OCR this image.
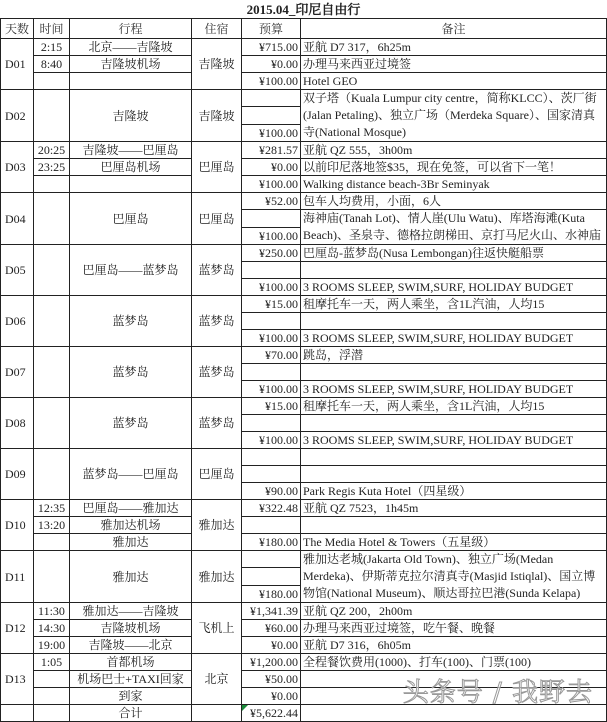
2015.04_印尼自由行
天数	时间	行程	住宿	预算	备注
D01	2:15	北京——吉隆坡	吉隆坡	¥715.00	亚航 D7 317，6h25m
	8:40	吉隆坡机场		¥0.00	办理马来西亚过境签
				¥100.00	Hotel GEO
D02		吉隆坡	吉隆坡		双子塔（Kuala Lumpur city centre，简称KLCC）、茨厂街(Jalan Petaling)、独立广场（Merdeka Square）、国家清真寺(National Mosque)

				¥100.00	
D03	20:25	吉隆坡——巴厘岛	巴厘岛	¥281.57	亚航 QZ 555，3h00m
	23:25	巴厘岛机场		¥0.00	以前印尼落地签$35，现在免签，可以省下一笔！
				¥100.00	Walking distance beach-3Br Seminyak
D04		巴厘岛	巴厘岛	¥52.00	包车人均费用，小面，6人
					海神庙(Tanah Lot)、情人崖(Ulu Watu)、库塔海滩(Kuta Beach)、圣泉寺、德格拉朗梯田、京打马尼火山、水神庙
				¥100.00	
D05		巴厘岛——蓝梦岛	蓝梦岛	¥250.00	巴厘岛-蓝梦岛(Nusa Lembongan)往返快艇船票

				¥100.00	3 ROOMS SLEEP, SWIM,SURF, HOLIDAY BUDGET
D06		蓝梦岛	蓝梦岛	¥15.00	租摩托车一天，两人乘坐，含1L汽油，人均15

				¥100.00	3 ROOMS SLEEP, SWIM,SURF, HOLIDAY BUDGET
D07		蓝梦岛	蓝梦岛	¥70.00	跳岛，浮潜

				¥100.00	3 ROOMS SLEEP, SWIM,SURF, HOLIDAY BUDGET
D08		蓝梦岛	蓝梦岛	¥15.00	租摩托车一天，两人乘坐，含1L汽油，人均15

				¥100.00	3 ROOMS SLEEP, SWIM,SURF, HOLIDAY BUDGET
D09		蓝梦岛——巴厘岛	巴厘岛		

				¥90.00	Park Regis Kuta Hotel（四星级）
D10	12:35	巴厘岛——雅加达	雅加达	¥322.48	亚航 QZ 7523，1h45m
	13:20	雅加达机场			
		雅加达		¥180.00	The Media Hotel & Towers（五星级）
D11		雅加达	雅加达		雅加达老城(Jakarta Old Town)、独立广场(Medan Merdeka)、伊斯蒂克拉尔清真寺(Masjid Istiqlal)、国立博物馆(National Museum)、顺达哥拉巴港(Sunda Kelapa)

				¥180.00	
D12	11:30	雅加达——吉隆坡	飞机上	¥1,341.39	亚航 QZ 200，2h00m
	14:30	吉隆坡机场		¥60.00	办理马来西亚过境签，吃午餐、晚餐
	19:00	吉隆坡——北京		¥0.00	亚航 D7 316，6h05m
D13	1:05	首都机场	北京	¥1,200.00	全程餐饮费用(1000)、打车(100)、门票(100)
		机场巴士+TAXI回家		¥50.00	
		到家		¥0.00	
		合计		¥5,622.44	
头条号 / 我野去
